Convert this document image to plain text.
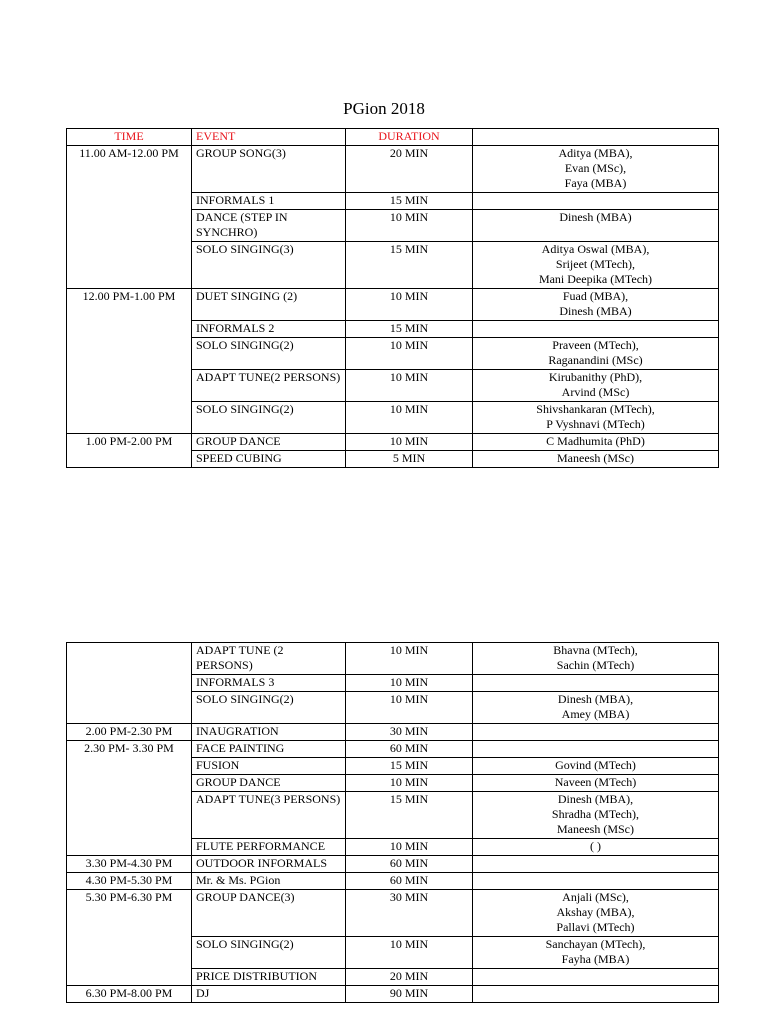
PGion 2018
TIME	EVENT	DURATION	
11.00 AM-12.00 PM	GROUP SONG(3)	20 MIN	Aditya (MBA),
Evan (MSc),
Faya (MBA)
	INFORMALS 1	15 MIN	
	DANCE (STEP IN
SYNCHRO)	10 MIN	Dinesh (MBA)
	SOLO SINGING(3)	15 MIN	Aditya Oswal (MBA),
Srijeet (MTech),
Mani Deepika (MTech)
12.00 PM-1.00 PM	DUET SINGING (2)	10 MIN	Fuad (MBA),
Dinesh (MBA)
	INFORMALS 2	15 MIN	
	SOLO SINGING(2)	10 MIN	Praveen (MTech),
Raganandini (MSc)
	ADAPT TUNE(2 PERSONS)	10 MIN	Kirubanithy (PhD),
Arvind (MSc)
	SOLO SINGING(2)	10 MIN	Shivshankaran (MTech),
P Vyshnavi (MTech)
1.00 PM-2.00 PM	GROUP DANCE	10 MIN	C Madhumita (PhD)
	SPEED CUBING	5 MIN	Maneesh (MSc)
	ADAPT TUNE (2
PERSONS)	10 MIN	Bhavna (MTech),
Sachin (MTech)
	INFORMALS 3	10 MIN	
	SOLO SINGING(2)	10 MIN	Dinesh (MBA),
Amey (MBA)
2.00 PM-2.30 PM	INAUGRATION	30 MIN	
2.30 PM- 3.30 PM	FACE PAINTING	60 MIN	
	FUSION	15 MIN	Govind (MTech)
	GROUP DANCE	10 MIN	Naveen (MTech)
	ADAPT TUNE(3 PERSONS)	15 MIN	Dinesh (MBA),
Shradha (MTech),
Maneesh (MSc)
	FLUTE PERFORMANCE	10 MIN	( )
3.30 PM-4.30 PM	OUTDOOR INFORMALS	60 MIN	
4.30 PM-5.30 PM	Mr. & Ms. PGion	60 MIN	
5.30 PM-6.30 PM	GROUP DANCE(3)	30 MIN	Anjali (MSc),
Akshay (MBA),
Pallavi (MTech)
	SOLO SINGING(2)	10 MIN	Sanchayan (MTech),
Fayha (MBA)
	PRICE DISTRIBUTION	20 MIN	
6.30 PM-8.00 PM	DJ	90 MIN	
